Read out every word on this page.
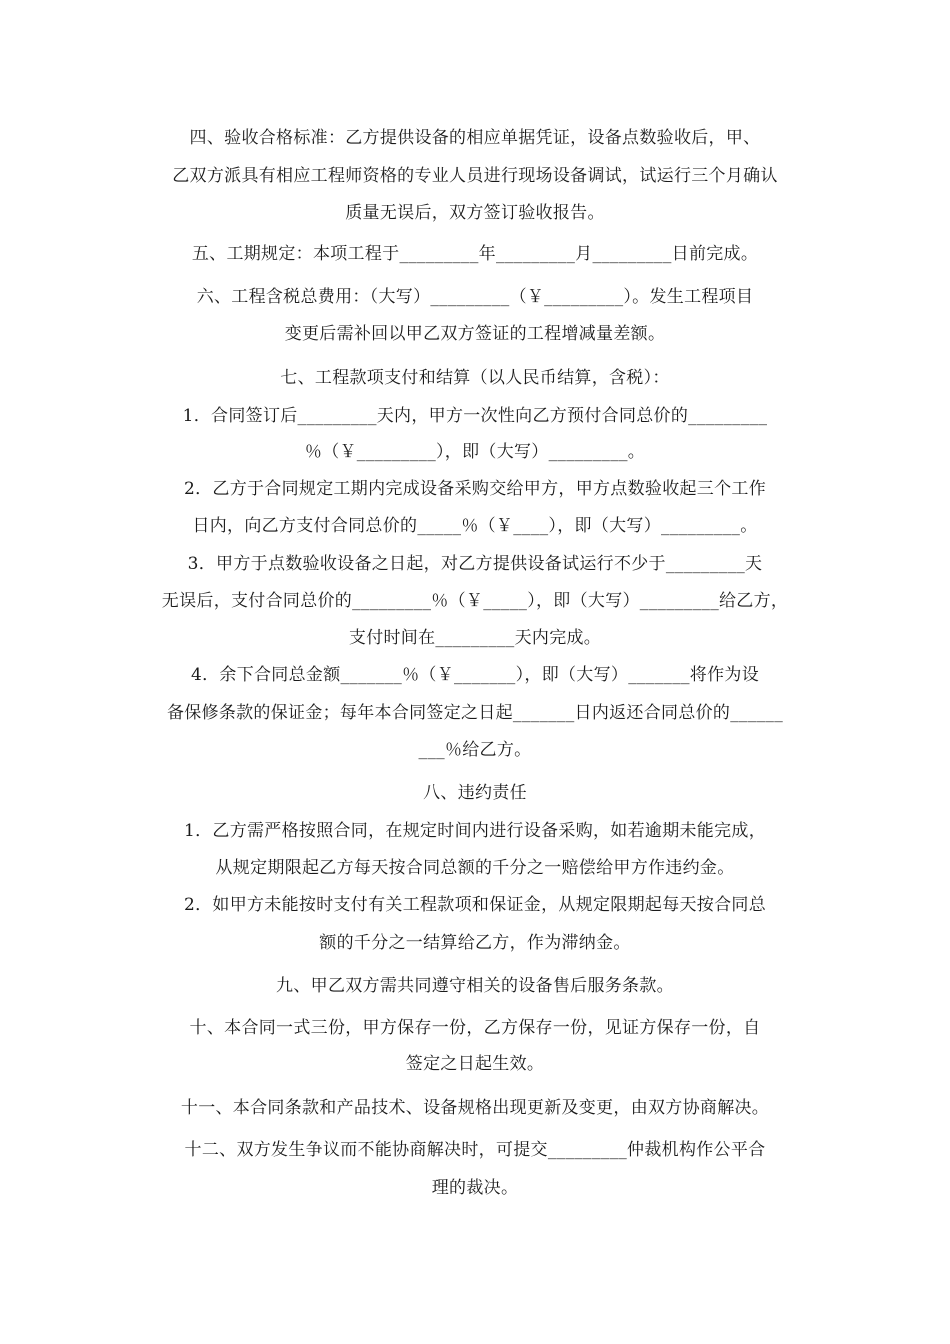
四、验收合格标准：乙方提供设备的相应单据凭证，设备点数验收后，甲、
乙双方派具有相应工程师资格的专业人员进行现场设备调试，试运行三个月确认
质量无误后，双方签订验收报告。
五、工期规定：本项工程于_________年_________月_________日前完成。
六、工程含税总费用：（大写）_________（￥_________）。发生工程项目
变更后需补回以甲乙双方签证的工程增减量差额。
七、工程款项支付和结算（以人民币结算，含税）：
1．合同签订后_________天内，甲方一次性向乙方预付合同总价的_________
％（￥_________），即（大写）_________。
2．乙方于合同规定工期内完成设备采购交给甲方，甲方点数验收起三个工作
日内，向乙方支付合同总价的_____％（￥____），即（大写）_________。
3．甲方于点数验收设备之日起，对乙方提供设备试运行不少于_________天
无误后，支付合同总价的_________％（￥_____），即（大写）_________给乙方，
支付时间在_________天内完成。
4．余下合同总金额_______％（￥_______），即（大写）_______将作为设
备保修条款的保证金；每年本合同签定之日起_______日内返还合同总价的______
___％给乙方。
八、违约责任
1．乙方需严格按照合同，在规定时间内进行设备采购，如若逾期未能完成，
从规定期限起乙方每天按合同总额的千分之一赔偿给甲方作违约金。
2．如甲方未能按时支付有关工程款项和保证金，从规定限期起每天按合同总
额的千分之一结算给乙方，作为滞纳金。
九、甲乙双方需共同遵守相关的设备售后服务条款。
十、本合同一式三份，甲方保存一份，乙方保存一份，见证方保存一份，自
签定之日起生效。
十一、本合同条款和产品技术、设备规格出现更新及变更，由双方协商解决。
十二、双方发生争议而不能协商解决时，可提交_________仲裁机构作公平合
理的裁决。
